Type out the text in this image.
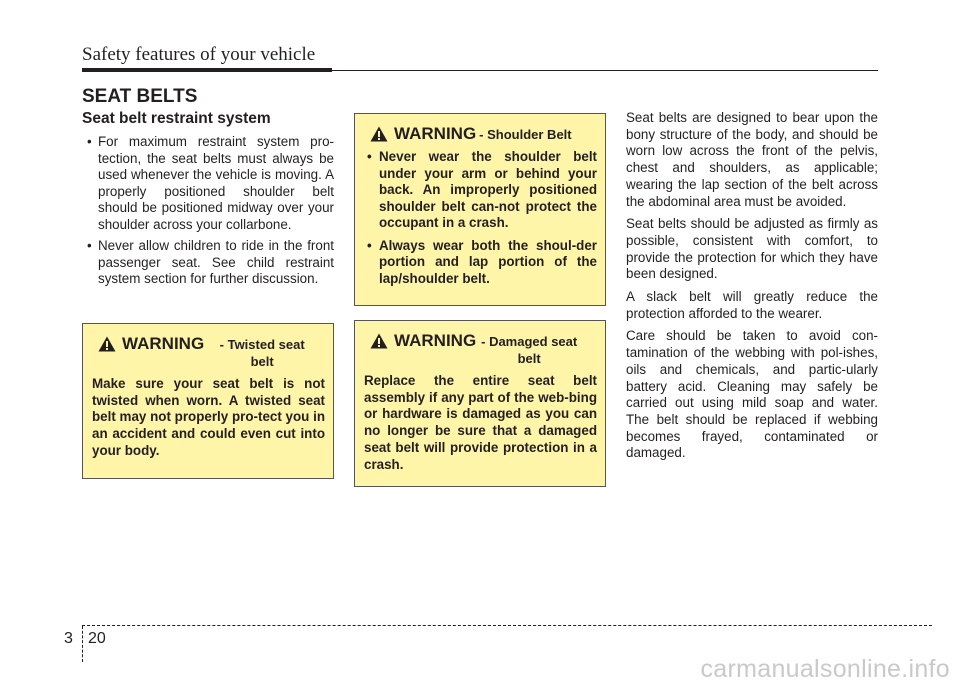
Safety features of your vehicle
SEAT BELTS
Seat belt restraint system
• For maximum restraint system pro-tection, the seat belts must always be used whenever the vehicle is moving. A properly positioned shoulder belt should be positioned midway over your shoulder across your collarbone.
• Never allow children to ride in the front passenger seat. See child restraint system section for further discussion.
WARNING	- Twisted seat belt
Make sure your seat belt is not twisted when worn. A twisted seat belt may not properly pro-tect you in an accident and could even cut into your body.
WARNING - Shoulder Belt
• Never wear the shoulder belt under your arm or behind your back. An improperly positioned shoulder belt can-not protect the occupant in a crash.
• Always wear both the shoul-der portion and lap portion of the lap/shoulder belt.
WARNING - Damaged seat belt
Replace the entire seat belt assembly if any part of the web-bing or hardware is damaged as you can no longer be sure that a damaged seat belt will provide protection in a crash.

Seat belts are designed to bear upon the bony structure of the body, and should be worn low across the front of the pelvis, chest and shoulders, as applicable; wearing the lap section of the belt across the abdominal area must be avoided.

Seat belts should be adjusted as firmly as possible, consistent with comfort, to provide the protection for which they have been designed.

A slack belt will greatly reduce the protection afforded to the wearer.

Care should be taken to avoid con-tamination of the webbing with pol-ishes, oils and chemicals, and partic-ularly battery acid. Cleaning may safely be carried out using mild soap and water. The belt should be replaced if webbing becomes frayed, contaminated or damaged.

3 20
carmanualsonline.info
